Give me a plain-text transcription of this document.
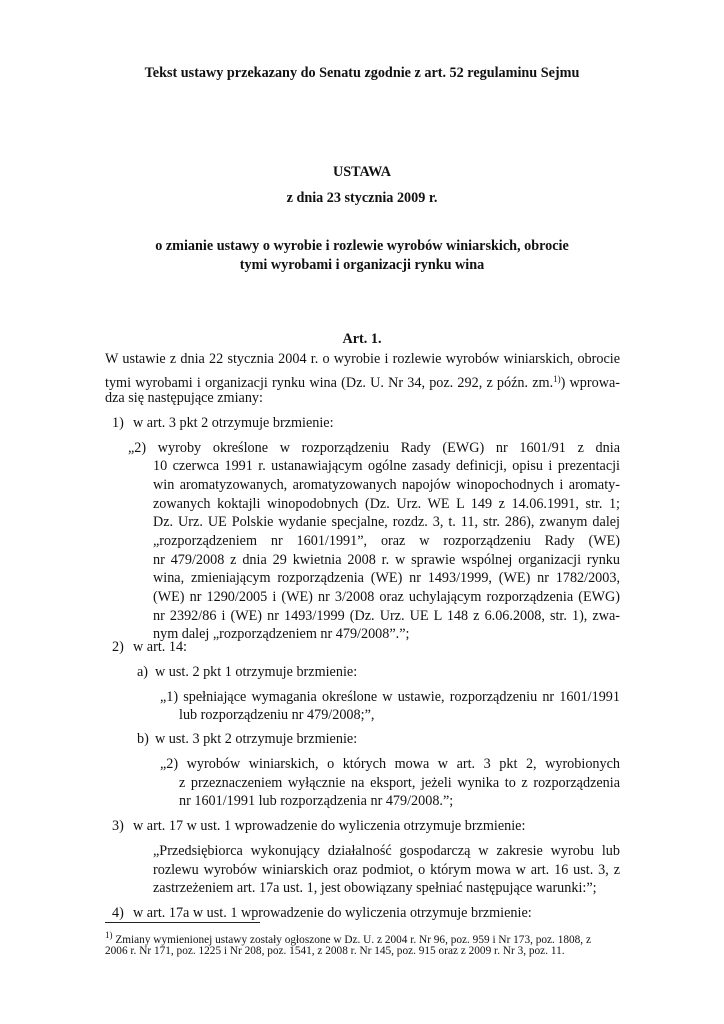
Tekst ustawy przekazany do Senatu zgodnie z art. 52 regulaminu Sejmu
USTAWA
z dnia 23 stycznia 2009 r.
o zmianie ustawy o wyrobie i rozlewie wyrobów winiarskich, obrocie
tymi wyrobami i organizacji rynku wina
Art. 1.
W ustawie z dnia 22 stycznia 2004 r. o wyrobie i rozlewie wyrobów winiarskich, obrocie
tymi wyrobami i organizacji rynku wina (Dz. U. Nr 34, poz. 292, z późn. zm.$^{1)}$) wprowa-
dza się następujące zmiany:
1) w art. 3 pkt 2 otrzymuje brzmienie:
„2) wyroby określone w rozporządzeniu Rady (EWG) nr 1601/91 z dnia
10 czerwca 1991 r. ustanawiającym ogólne zasady definicji, opisu i prezentacji
win aromatyzowanych, aromatyzowanych napojów winopochodnych i aromaty-
zowanych koktajli winopodobnych (Dz. Urz. WE L 149 z 14.06.1991, str. 1;
Dz. Urz. UE Polskie wydanie specjalne, rozdz. 3, t. 11, str. 286), zwanym dalej
„rozporządzeniem nr 1601/1991”, oraz w rozporządzeniu Rady (WE)
nr 479/2008 z dnia 29 kwietnia 2008 r. w sprawie wspólnej organizacji rynku
wina, zmieniającym rozporządzenia (WE) nr 1493/1999, (WE) nr 1782/2003,
(WE) nr 1290/2005 i (WE) nr 3/2008 oraz uchylającym rozporządzenia (EWG)
nr 2392/86 i (WE) nr 1493/1999 (Dz. Urz. UE L 148 z 6.06.2008, str. 1), zwa-
nym dalej „rozporządzeniem nr 479/2008”.”;
2) w art. 14:
a) w ust. 2 pkt 1 otrzymuje brzmienie:
„1) spełniające wymagania określone w ustawie, rozporządzeniu nr 1601/1991
lub rozporządzeniu nr 479/2008;”,
b) w ust. 3 pkt 2 otrzymuje brzmienie:
„2) wyrobów winiarskich, o których mowa w art. 3 pkt 2, wyrobionych
z przeznaczeniem wyłącznie na eksport, jeżeli wynika to z rozporządzenia
nr 1601/1991 lub rozporządzenia nr 479/2008.”;
3) w art. 17 w ust. 1 wprowadzenie do wyliczenia otrzymuje brzmienie:
„Przedsiębiorca wykonujący działalność gospodarczą w zakresie wyrobu lub
rozlewu wyrobów winiarskich oraz podmiot, o którym mowa w art. 16 ust. 3, z
zastrzeżeniem art. 17a ust. 1, jest obowiązany spełniać następujące warunki:”;
4) w art. 17a w ust. 1 wprowadzenie do wyliczenia otrzymuje brzmienie:
$^{1)}$ Zmiany wymienionej ustawy zostały ogłoszone w Dz. U. z 2004 r. Nr 96, poz. 959 i Nr 173, poz. 1808, z
2006 r. Nr 171, poz. 1225 i Nr 208, poz. 1541, z 2008 r. Nr 145, poz. 915 oraz z 2009 r. Nr 3, poz. 11.
